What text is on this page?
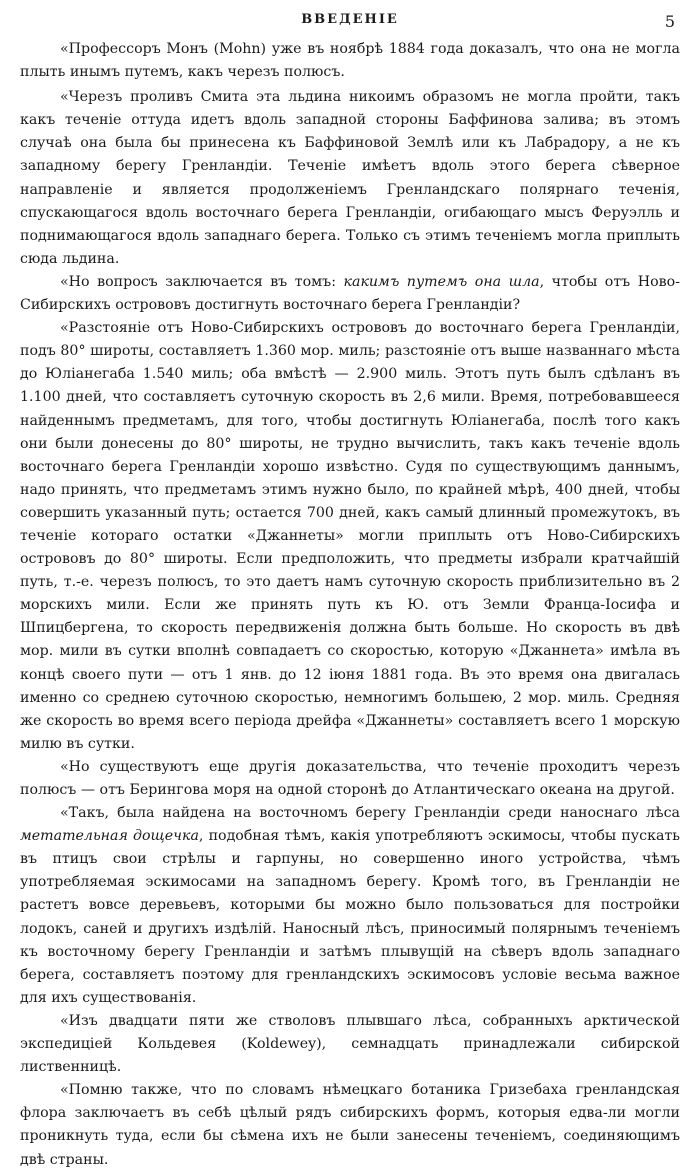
ВВЕДЕНІЕ	5

«Профессоръ Монъ (Mohn) уже въ ноябрѣ 1884 года доказалъ, что она не могла плыть инымъ путемъ, какъ черезъ полюсъ.

«Черезъ проливъ Смита эта льдина никоимъ образомъ не могла пройти, такъ какъ теченіе оттуда идетъ вдоль западной стороны Баффинова залива; въ этомъ случаѣ она была бы принесена къ Баффиновой Землѣ или къ Лабрадору, а не къ западному берегу Гренландіи. Теченіе имѣетъ вдоль этого берега сѣверное направленіе и является продолженіемъ Гренландскаго полярнаго теченія, спускающагося вдоль восточнаго берега Гренландіи, огибающаго мысъ Феруэлль и поднимающагося вдоль западнаго берега. Только съ этимъ теченіемъ могла приплыть сюда льдина.

«Но вопросъ заключается въ томъ: какимъ путемъ она шла, чтобы отъ Ново-Сибирскихъ острововъ достигнуть восточнаго берега Гренландіи?

«Разстояніе отъ Ново-Сибирскихъ острововъ до восточнаго берега Гренландіи, подъ 80° широты, составляетъ 1.360 мор. миль; разстояніе отъ выше названнаго мѣста до Юліанегаба 1.540 миль; оба вмѣстѣ — 2.900 миль. Этотъ путь былъ сдѣланъ въ 1.100 дней, что составляетъ суточную скорость въ 2,6 мили. Время, потребовавшееся найденнымъ предметамъ, для того, чтобы достигнуть Юліанегаба, послѣ того какъ они были донесены до 80° широты, не трудно вычислить, такъ какъ теченіе вдоль восточнаго берега Гренландіи хорошо извѣстно. Судя по существующимъ даннымъ, надо принять, что предметамъ этимъ нужно было, по крайней мѣрѣ, 400 дней, чтобы совершить указанный путь; остается 700 дней, какъ самый длинный промежутокъ, въ теченіе котораго остатки «Джаннеты» могли приплыть отъ Ново-Сибирскихъ острововъ до 80° широты. Если предположить, что предметы избрали кратчайшій путь, т.-е. черезъ полюсъ, то это даетъ намъ суточную скорость приблизительно въ 2 морскихъ мили. Если же принять путь къ Ю. отъ Земли Франца-Іосифа и Шпицбергена, то скорость передвиженія должна быть больше. Но скорость въ двѣ мор. мили въ сутки вполнѣ совпадаетъ со скоростью, которую «Джаннета» имѣла въ концѣ своего пути — отъ 1 янв. до 12 іюня 1881 года. Въ это время она двигалась именно со среднею суточною скоростью, немногимъ большею, 2 мор. миль. Средняя же скорость во время всего періода дрейфа «Джаннеты» составляетъ всего 1 морскую милю въ сутки.

«Но существуютъ еще другія доказательства, что теченіе проходитъ черезъ полюсъ — отъ Берингова моря на одной сторонѣ до Атлантическаго океана на другой.

«Такъ, была найдена на восточномъ берегу Гренландіи среди наноснаго лѣса метательная дощечка, подобная тѣмъ, какія употребляютъ эскимосы, чтобы пускать въ птицъ свои стрѣлы и гарпуны, но совершенно иного устройства, чѣмъ употребляемая эскимосами на западномъ берегу. Кромѣ того, въ Гренландіи не растетъ вовсе деревьевъ, которыми бы можно было пользоваться для постройки лодокъ, саней и другихъ издѣлій. Наносный лѣсъ, приносимый полярнымъ теченіемъ къ восточному берегу Гренландіи и затѣмъ плывущій на сѣверъ вдоль западнаго берега, составляетъ поэтому для гренландскихъ эскимосовъ условіе весьма важное для ихъ существованія.

«Изъ двадцати пяти же стволовъ плывшаго лѣса, собранныхъ арктической экспедиціей Кольдевея (Koldewey), семнадцать принадлежали сибирской лиственницѣ.

«Помню также, что по словамъ нѣмецкаго ботаника Гризебаха гренландская флора заключаетъ въ себѣ цѣлый рядъ сибирскихъ формъ, которыя едва-ли могли проникнуть туда, если бы сѣмена ихъ не были занесены теченіемъ, соединяющимъ двѣ страны.
